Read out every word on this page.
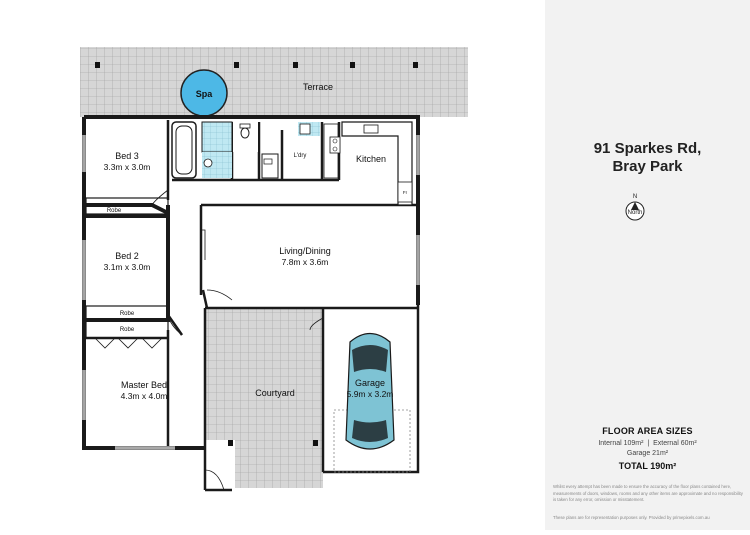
Spa
Terrace
Bed 3
3.3m x 3.0m
Robe
Bed 2
3.1m x 3.0m
Robe
Robe
Master Bed
4.3m x 4.0m
Living/Dining
7.8m x 3.6m
L'dry	Kitchen
Fr
Courtyard
Garage
5.9m x 3.2m
91 Sparkes Rd,
Bray Park
N
North
FLOOR AREA SIZES
Internal 109m² | External 60m²
Garage 21m²
TOTAL 190m²
Whilst every attempt has been made to ensure the accuracy of the floor plans contained here, measurements of doors, windows, rooms and any other items are approximate and no responsibility is taken for any error, omission or misstatement.
These plans are for representation purposes only. Provided by primepixels.com.au
